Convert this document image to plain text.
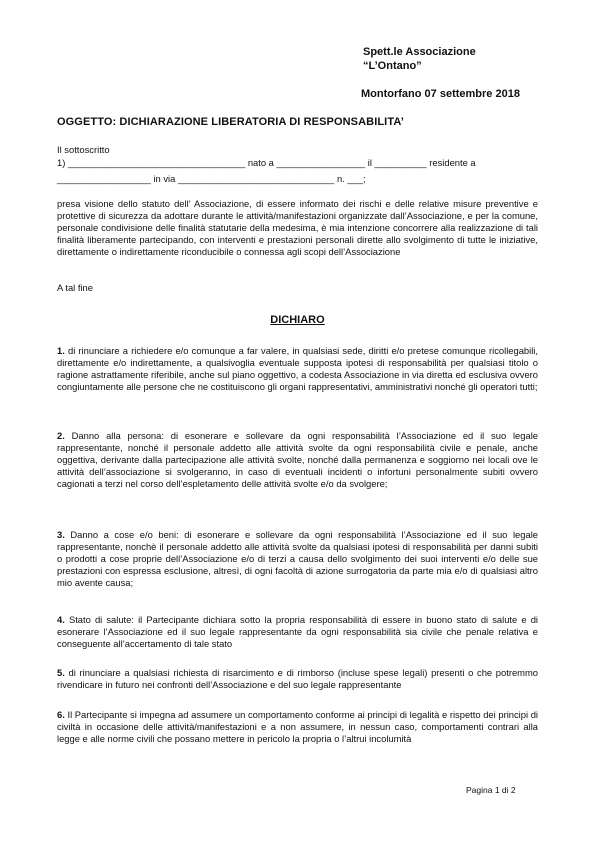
Spett.le Associazione
“L’Ontano”
Montorfano 07 settembre 2018
OGGETTO: DICHIARAZIONE LIBERATORIA DI RESPONSABILITA’
Il sottoscritto
1) __________________________________ nato a _________________ il __________ residente a
__________________ in via ______________________________ n. ___;
presa visione dello statuto dell’ Associazione, di essere informato dei rischi e delle relative misure preventive e protettive di sicurezza da adottare durante le attività/manifestazioni organizzate dall’Associazione, e per la comune, personale condivisione delle finalità statutarie della medesima, è mia intenzione concorrere alla realizzazione di tali finalità liberamente partecipando, con interventi e prestazioni personali dirette allo svolgimento di tutte le iniziative, direttamente o indirettamente riconducibile o connessa agli scopi dell’Associazione
A tal fine
DICHIARO
1. di rinunciare a richiedere e/o comunque a far valere, in qualsiasi sede, diritti e/o pretese comunque ricollegabili, direttamente e/o indirettamente, a qualsivoglia eventuale supposta ipotesi di responsabilità per qualsiasi titolo o ragione astrattamente riferibile, anche sul piano oggettivo, a codesta Associazione in via diretta ed esclusiva ovvero congiuntamente alle persone che ne costituiscono gli organi rappresentativi, amministrativi nonché gli operatori tutti;
2. Danno alla persona: di esonerare e sollevare da ogni responsabilità l’Associazione ed il suo legale rappresentante, nonché il personale addetto alle attività svolte da ogni responsabilità civile e penale, anche oggettiva, derivante dalla partecipazione alle attività svolte, nonché dalla permanenza e soggiorno nei locali ove le attività dell’associazione si svolgeranno, in caso di eventuali incidenti o infortuni personalmente subiti ovvero cagionati a terzi nel corso dell’espletamento delle attività svolte e/o da svolgere;
3. Danno a cose e/o beni: di esonerare e sollevare da ogni responsabilità l’Associazione ed il suo legale rappresentante, nonchè il personale addetto alle attività svolte da qualsiasi ipotesi di responsabilità per danni subiti o prodotti a cose proprie dell’Associazione e/o di terzi a causa dello svolgimento dei suoi interventi e/o delle sue prestazioni con espressa esclusione, altresì, di ogni facoltà di azione surrogatoria da parte mia e/o di qualsiasi altro mio avente causa;
4. Stato di salute: il Partecipante dichiara sotto la propria responsabilità di essere in buono stato di salute e di esonerare l’Associazione ed il suo legale rappresentante da ogni responsabilità sia civile che penale relativa e conseguente all’accertamento di tale stato
5. di rinunciare a qualsiasi richiesta di risarcimento e di rimborso (incluse spese legali) presenti o che potremmo rivendicare in futuro nei confronti dell’Associazione e del suo legale rappresentante
6. Il Partecipante si impegna ad assumere un comportamento conforme ai principi di legalità e rispetto dei principi di civiltà in occasione delle attività/manifestazioni e a non assumere, in nessun caso, comportamenti contrari alla legge e alle norme civili che possano mettere in pericolo la propria o l’altrui incolumità
Pagina 1 di 2
